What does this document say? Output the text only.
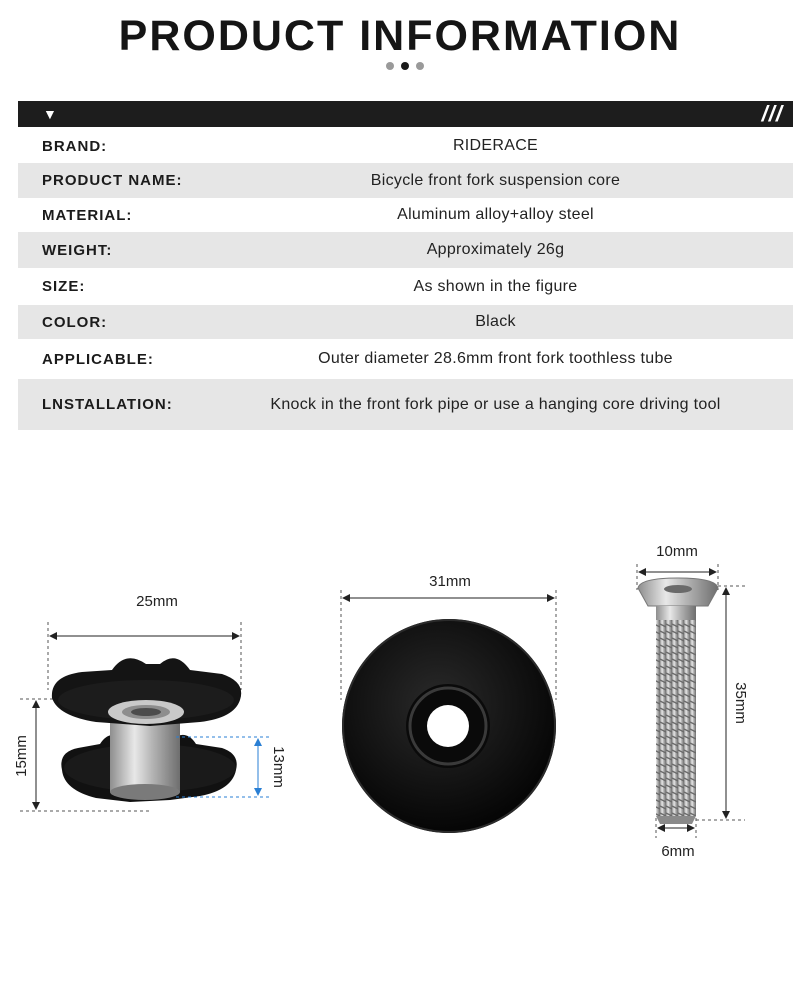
PRODUCT INFORMATION
▼	///
BRAND:	RIDERACE
PRODUCT NAME:	Bicycle front fork suspension core
MATERIAL:	Aluminum alloy+alloy steel
WEIGHT:	Approximately 26g
SIZE:	As shown in the figure
COLOR:	Black
APPLICABLE:	Outer diameter 28.6mm front fork toothless tube
LNSTALLATION:	Knock in the front fork pipe or use a hanging core driving tool
25mm
15mm	13mm
31mm
10mm
35mm
6mm
